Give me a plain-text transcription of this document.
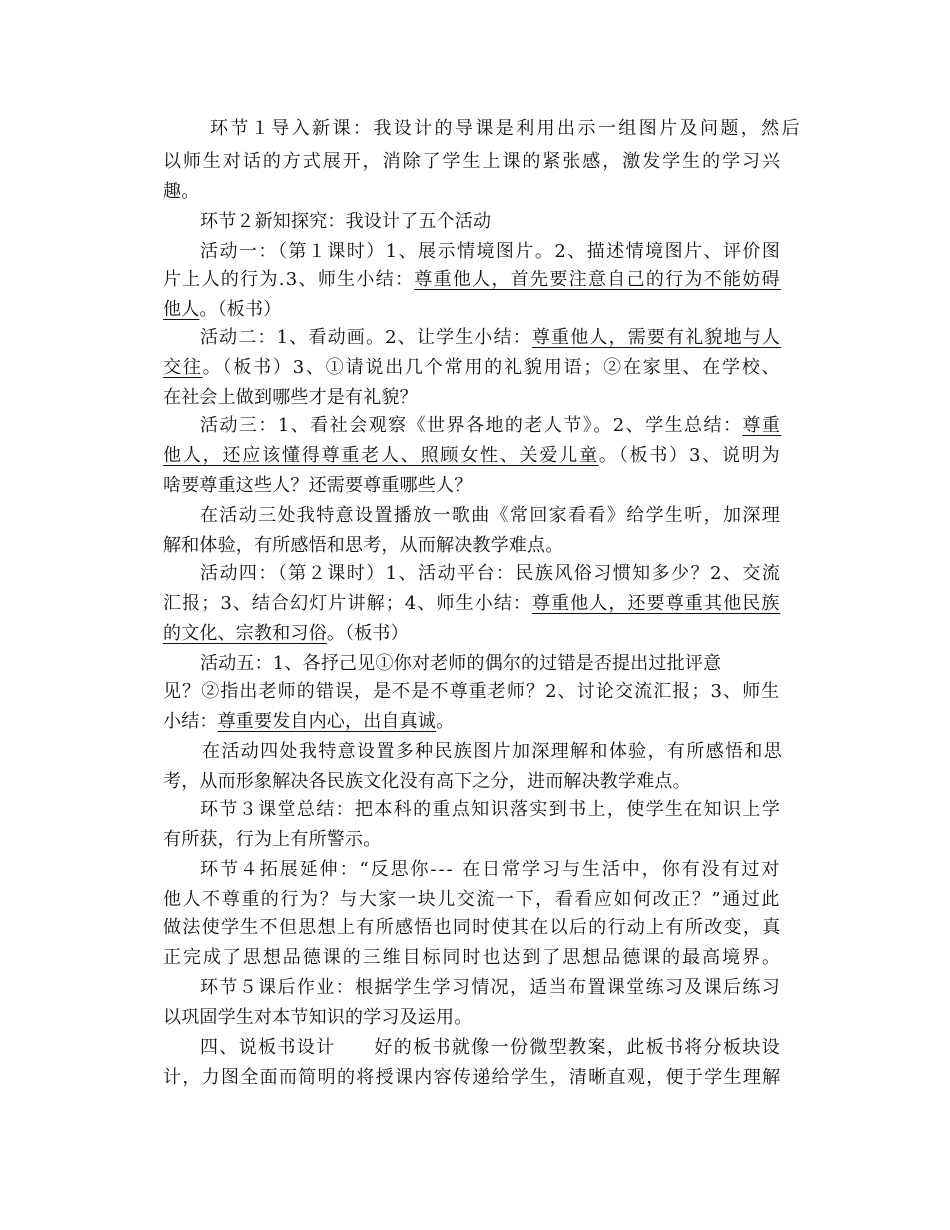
环节１导入新课：我设计的导课是利用出示一组图片及问题，然后
以师生对话的方式展开，消除了学生上课的紧张感，激发学生的学习兴
趣。
环节２新知探究：我设计了五个活动
活动一：（第１课时）1、展示情境图片。2、描述情境图片、评价图
片上人的行为.3、师生小结：尊重他人，首先要注意自己的行为不能妨碍
他人。（板书）
活动二：1、看动画。2、让学生小结：尊重他人，需要有礼貌地与人
交往。（板书）3、①请说出几个常用的礼貌用语；②在家里、在学校、
在社会上做到哪些才是有礼貌？
活动三：1、看社会观察《世界各地的老人节》。2、学生总结：尊重
他人，还应该懂得尊重老人、照顾女性、关爱儿童。（板书）3、说明为
啥要尊重这些人？还需要尊重哪些人？
在活动三处我特意设置播放一歌曲《常回家看看》给学生听，加深理
解和体验，有所感悟和思考，从而解决教学难点。
活动四：（第２课时）1、活动平台：民族风俗习惯知多少？2、交流
汇报；3、结合幻灯片讲解；4、师生小结：尊重他人，还要尊重其他民族
的文化、宗教和习俗。（板书）
活动五：1、各抒己见①你对老师的偶尔的过错是否提出过批评意
见？②指出老师的错误，是不是不尊重老师？2、讨论交流汇报；3、师生
小结：尊重要发自内心，出自真诚。
在活动四处我特意设置多种民族图片加深理解和体验，有所感悟和思
考，从而形象解决各民族文化没有高下之分，进而解决教学难点。
环节３课堂总结：把本科的重点知识落实到书上，使学生在知识上学
有所获，行为上有所警示。
环节４拓展延伸：“反思你--- 在日常学习与生活中，你有没有过对
他人不尊重的行为？与大家一块儿交流一下，看看应如何改正？”通过此
做法使学生不但思想上有所感悟也同时使其在以后的行动上有所改变，真
正完成了思想品德课的三维目标同时也达到了思想品德课的最高境界。
环节５课后作业：根据学生学习情况，适当布置课堂练习及课后练习
以巩固学生对本节知识的学习及运用。
四、说板书设计　　好的板书就像一份微型教案，此板书将分板块设
计，力图全面而简明的将授课内容传递给学生，清晰直观，便于学生理解
